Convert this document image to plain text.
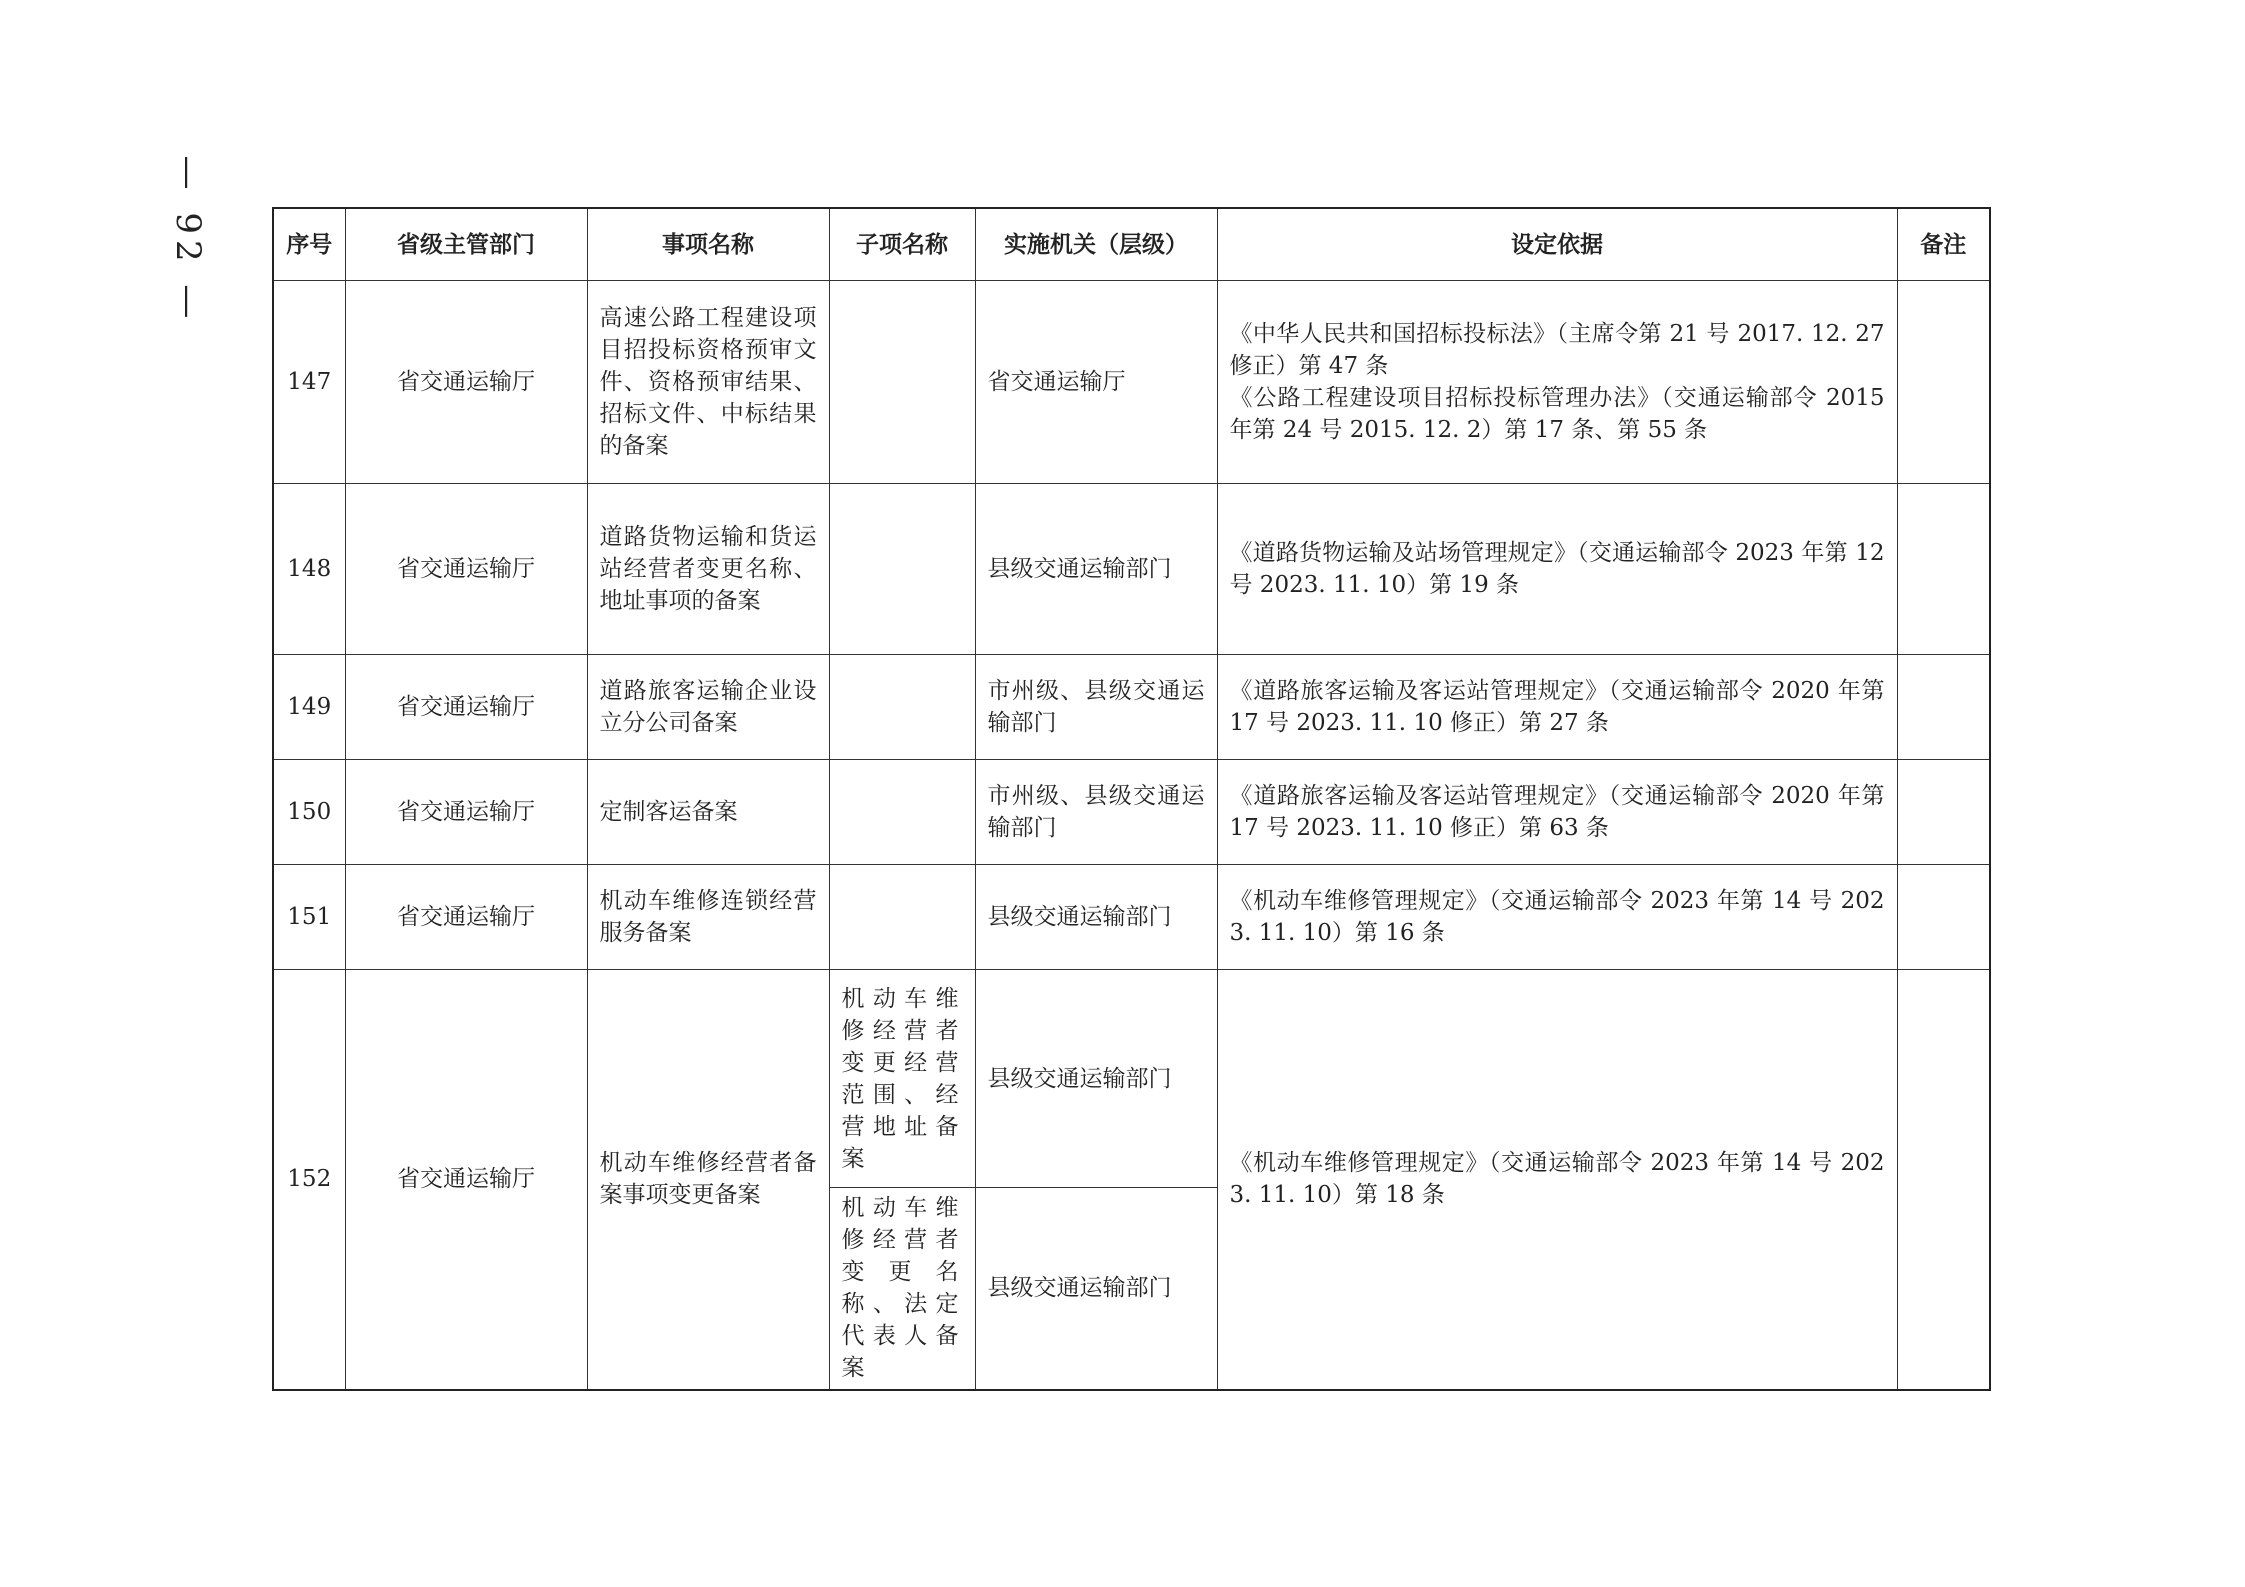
— 92 —	序号	省级主管部门	事项名称	子项名称	实施机关（层级）	设定依据	备注
147	省交通运输厅	高速公路工程建设项目招投标资格预审文件、资格预审结果、招标文件、中标结果的备案		省交通运输厅	《中华人民共和国招标投标法》（主席令第 21 号 2017. 12. 27 修正）第 47 条
《公路工程建设项目招标投标管理办法》（交通运输部令 2015 年第 24 号 2015. 12. 2）第 17 条、第 55 条	

148	省交通运输厅	道路货物运输和货运站经营者变更名称、地址事项的备案		县级交通运输部门	《道路货物运输及站场管理规定》（交通运输部令 2023 年第 12 号 2023. 11. 10）第 19 条	

149	省交通运输厅	道路旅客运输企业设立分公司备案		市州级、县级交通运输部门	《道路旅客运输及客运站管理规定》（交通运输部令 2020 年第 17 号 2023. 11. 10 修正）第 27 条	

150	省交通运输厅	定制客运备案		市州级、县级交通运输部门	《道路旅客运输及客运站管理规定》（交通运输部令 2020 年第 17 号 2023. 11. 10 修正）第 63 条	

151	省交通运输厅	机动车维修连锁经营服务备案		县级交通运输部门	《机动车维修管理规定》（交通运输部令 2023 年第 14 号 2023. 11. 10）第 16 条	

152	省交通运输厅	机动车维修经营者备案事项变更备案	机动车维修经营者变更经营范围、经营地址备案	县级交通运输部门	《机动车维修管理规定》（交通运输部令 2023 年第 14 号 2023. 11. 10）第 18 条	

			机动车维修经营者变更名称、法定代表人备案	县级交通运输部门		
